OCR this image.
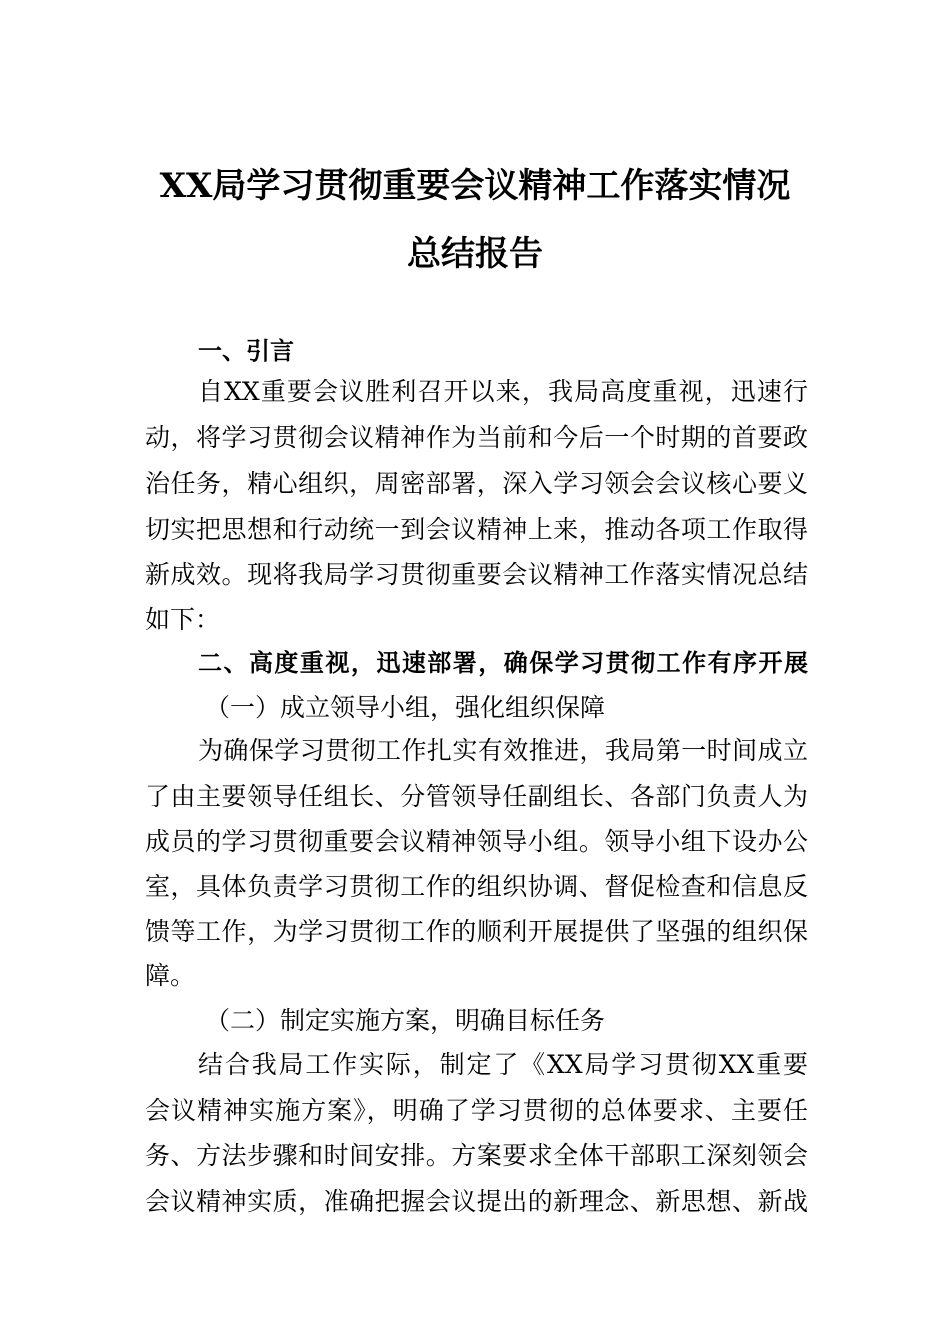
XX局学习贯彻重要会议精神工作落实情况
总结报告
一、引言
自XX重要会议胜利召开以来，我局高度重视，迅速行
动，将学习贯彻会议精神作为当前和今后一个时期的首要政
治任务，精心组织，周密部署，深入学习领会会议核心要义
切实把思想和行动统一到会议精神上来，推动各项工作取得
新成效。现将我局学习贯彻重要会议精神工作落实情况总结
如下：
二、高度重视，迅速部署，确保学习贯彻工作有序开展
（一）成立领导小组，强化组织保障
为确保学习贯彻工作扎实有效推进，我局第一时间成立
了由主要领导任组长、分管领导任副组长、各部门负责人为
成员的学习贯彻重要会议精神领导小组。领导小组下设办公
室，具体负责学习贯彻工作的组织协调、督促检查和信息反
馈等工作，为学习贯彻工作的顺利开展提供了坚强的组织保
障。
（二）制定实施方案，明确目标任务
结合我局工作实际，制定了《XX局学习贯彻XX重要
会议精神实施方案》，明确了学习贯彻的总体要求、主要任
务、方法步骤和时间安排。方案要求全体干部职工深刻领会
会议精神实质，准确把握会议提出的新理念、新思想、新战
